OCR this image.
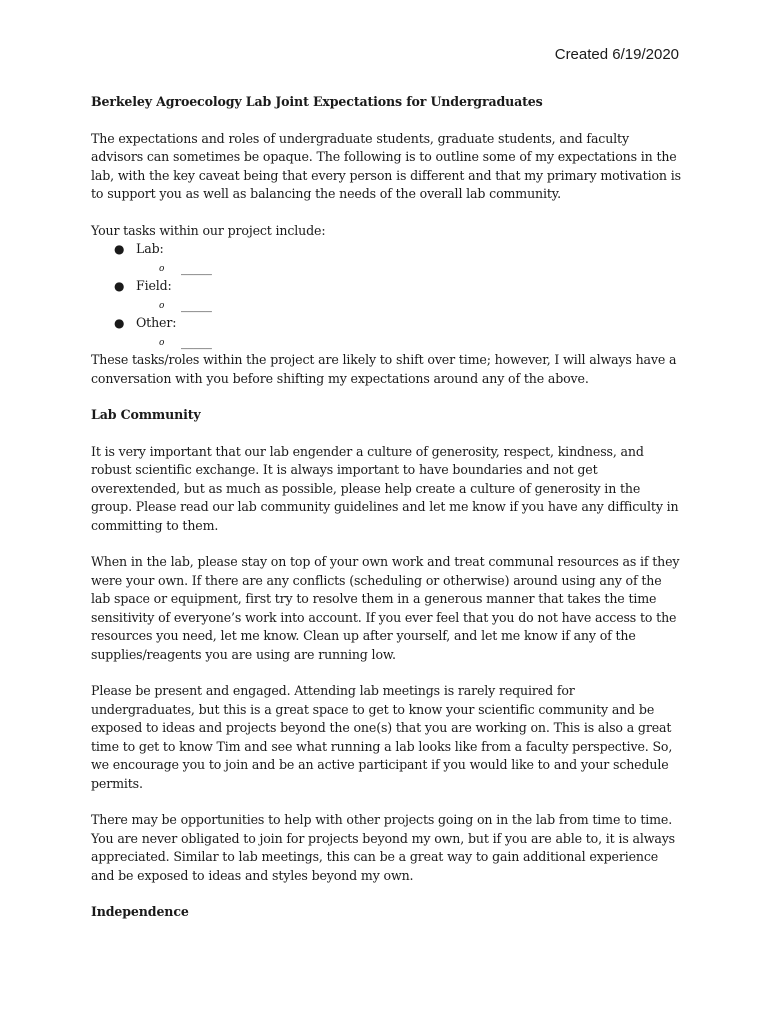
Created 6/19/2020

Berkeley Agroecology Lab Joint Expectations for Undergraduates

The expectations and roles of undergraduate students, graduate students, and faculty advisors can sometimes be opaque. The following is to outline some of my expectations in the lab, with the key caveat being that every person is different and that my primary motivation is to support you as well as balancing the needs of the overall lab community.

Your tasks within our project include:

● Lab:
o _____
● Field:
o _____
● Other:
o _____

These tasks/roles within the project are likely to shift over time; however, I will always have a conversation with you before shifting my expectations around any of the above.

Lab Community

It is very important that our lab engender a culture of generosity, respect, kindness, and robust scientific exchange. It is always important to have boundaries and not get overextended, but as much as possible, please help create a culture of generosity in the group. Please read our lab community guidelines and let me know if you have any difficulty in committing to them.

When in the lab, please stay on top of your own work and treat communal resources as if they were your own. If there are any conflicts (scheduling or otherwise) around using any of the lab space or equipment, first try to resolve them in a generous manner that takes the time sensitivity of everyone’s work into account. If you ever feel that you do not have access to the resources you need, let me know. Clean up after yourself, and let me know if any of the supplies/reagents you are using are running low.

Please be present and engaged. Attending lab meetings is rarely required for undergraduates, but this is a great space to get to know your scientific community and be exposed to ideas and projects beyond the one(s) that you are working on. This is also a great time to get to know Tim and see what running a lab looks like from a faculty perspective. So, we encourage you to join and be an active participant if you would like to and your schedule permits.

There may be opportunities to help with other projects going on in the lab from time to time. You are never obligated to join for projects beyond my own, but if you are able to, it is always appreciated. Similar to lab meetings, this can be a great way to gain additional experience and be exposed to ideas and styles beyond my own.

Independence
